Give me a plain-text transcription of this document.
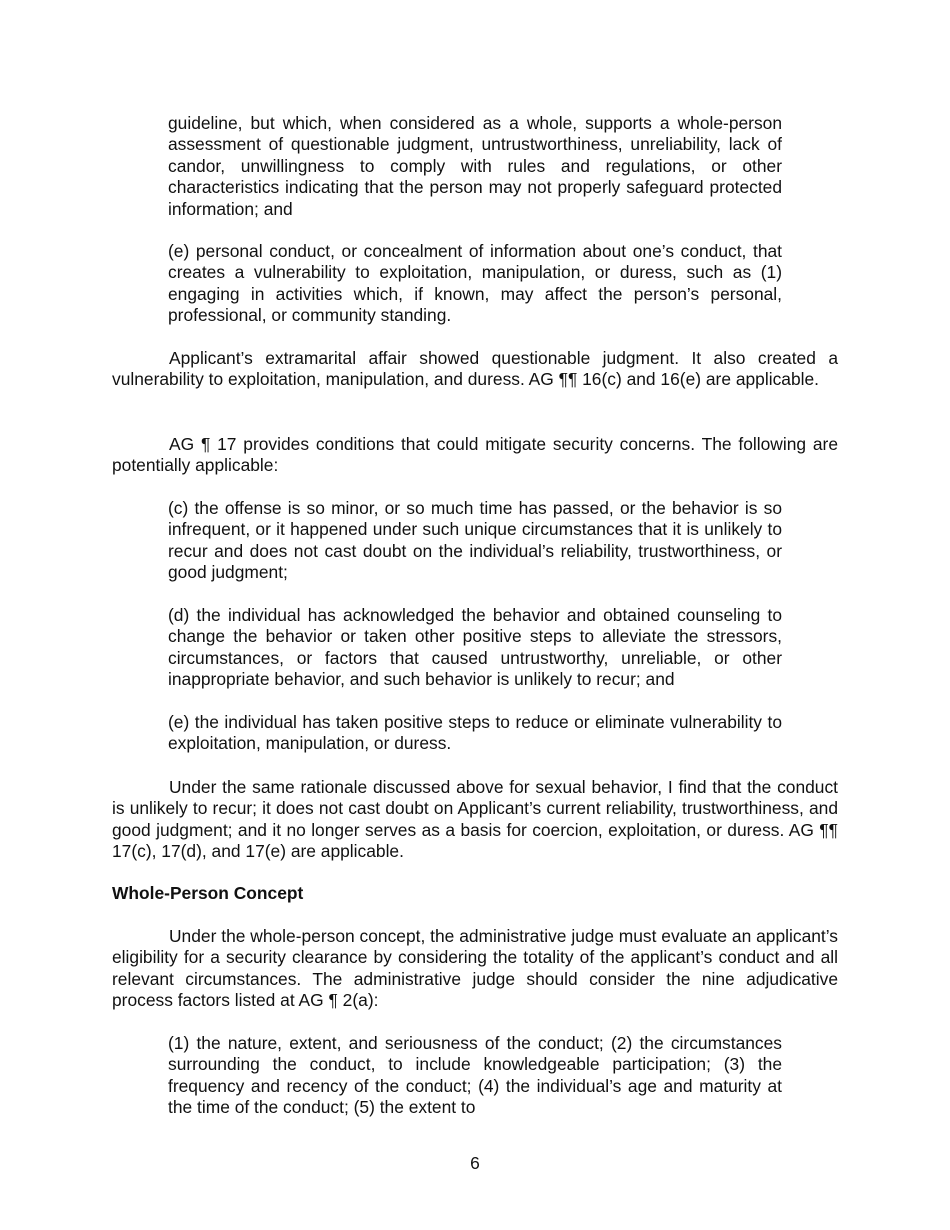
guideline, but which, when considered as a whole, supports a whole-person assessment of questionable judgment, untrustworthiness, unreliability, lack of candor, unwillingness to comply with rules and regulations, or other characteristics indicating that the person may not properly safeguard protected information; and

(e) personal conduct, or concealment of information about one’s conduct, that creates a vulnerability to exploitation, manipulation, or duress, such as (1) engaging in activities which, if known, may affect the person’s personal, professional, or community standing.

Applicant’s extramarital affair showed questionable judgment. It also created a vulnerability to exploitation, manipulation, and duress. AG ¶¶ 16(c) and 16(e) are applicable.

AG ¶ 17 provides conditions that could mitigate security concerns. The following are potentially applicable:

(c) the offense is so minor, or so much time has passed, or the behavior is so infrequent, or it happened under such unique circumstances that it is unlikely to recur and does not cast doubt on the individual’s reliability, trustworthiness, or good judgment;

(d) the individual has acknowledged the behavior and obtained counseling to change the behavior or taken other positive steps to alleviate the stressors, circumstances, or factors that caused untrustworthy, unreliable, or other inappropriate behavior, and such behavior is unlikely to recur; and

(e) the individual has taken positive steps to reduce or eliminate vulnerability to exploitation, manipulation, or duress.

Under the same rationale discussed above for sexual behavior, I find that the conduct is unlikely to recur; it does not cast doubt on Applicant’s current reliability, trustworthiness, and good judgment; and it no longer serves as a basis for coercion, exploitation, or duress. AG ¶¶ 17(c), 17(d), and 17(e) are applicable.

Whole-Person Concept

Under the whole-person concept, the administrative judge must evaluate an applicant’s eligibility for a security clearance by considering the totality of the applicant’s conduct and all relevant circumstances. The administrative judge should consider the nine adjudicative process factors listed at AG ¶ 2(a):

(1) the nature, extent, and seriousness of the conduct; (2) the circumstances surrounding the conduct, to include knowledgeable participation; (3) the frequency and recency of the conduct; (4) the individual’s age and maturity at the time of the conduct; (5) the extent to

6
